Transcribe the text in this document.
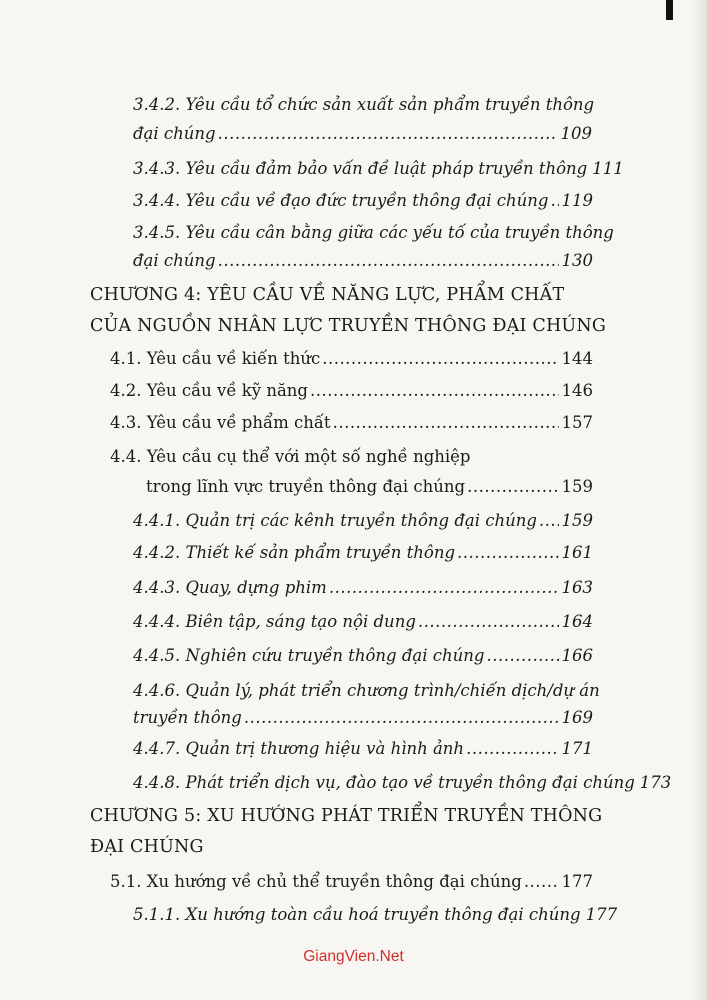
3.4.2. Yêu cầu tổ chức sản xuất sản phẩm truyền thông
đại chúng .....	109
3.4.3. Yêu cầu đảm bảo vấn đề luật pháp truyền thông 111
3.4.4. Yêu cầu về đạo đức truyền thông đại chúng ..... 119
3.4.5. Yêu cầu cân bằng giữa các yếu tố của truyền thông
đại chúng .....	130
CHƯƠNG 4: YÊU CẦU VỀ NĂNG LỰC, PHẨM CHẤT
CỦA NGUỒN NHÂN LỰC TRUYỀN THÔNG ĐẠI CHÚNG
4.1. Yêu cầu về kiến thức .....	144
4.2. Yêu cầu về kỹ năng .....	146
4.3. Yêu cầu về phẩm chất .....	157
4.4. Yêu cầu cụ thể với một số nghề nghiệp
trong lĩnh vực truyền thông đại chúng .....	159
4.4.1. Quản trị các kênh truyền thông đại chúng ..... 159
4.4.2. Thiết kế sản phẩm truyền thông .....	161
4.4.3. Quay, dựng phim .....	163
4.4.4. Biên tập, sáng tạo nội dung .....	164
4.4.5. Nghiên cứu truyền thông đại chúng .....	166
4.4.6. Quản lý, phát triển chương trình/chiến dịch/dự án
truyền thông .....	169
4.4.7. Quản trị thương hiệu và hình ảnh .....	171
4.4.8. Phát triển dịch vụ, đào tạo về truyền thông đại chúng 173
CHƯƠNG 5: XU HƯỚNG PHÁT TRIỂN TRUYỀN THÔNG
ĐẠI CHÚNG
5.1. Xu hướng về chủ thể truyền thông đại chúng ..... 177
5.1.1. Xu hướng toàn cầu hoá truyền thông đại chúng 177
GiangVien.Net
